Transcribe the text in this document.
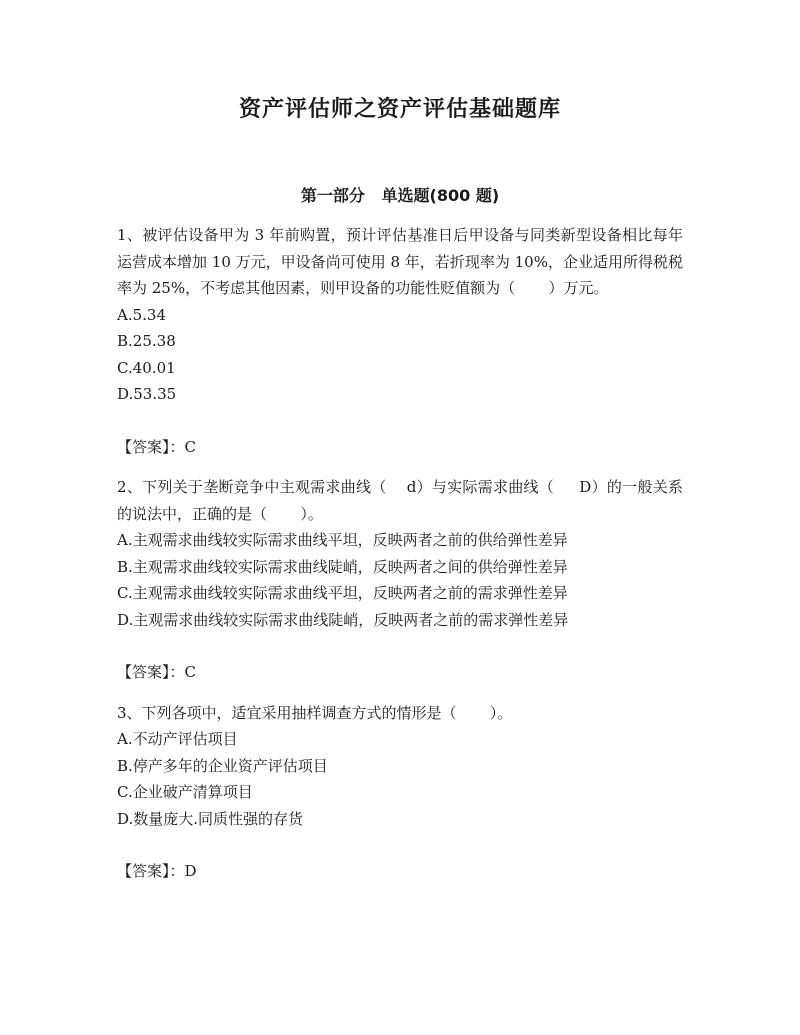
资产评估师之资产评估基础题库
第一部分   单选题(800 题)

1、被评估设备甲为 3 年前购置，预计评估基准日后甲设备与同类新型设备相比每年运营成本增加 10 万元，甲设备尚可使用 8 年，若折现率为 10%，企业适用所得税税率为 25%，不考虑其他因素，则甲设备的功能性贬值额为（       ）万元。

A.5.34

B.25.38

C.40.01

D.53.35

【答案】：C

2、下列关于垄断竞争中主观需求曲线（    d）与实际需求曲线（     D）的一般关系的说法中，正确的是（       ）。

A.主观需求曲线较实际需求曲线平坦，反映两者之前的供给弹性差异

B.主观需求曲线较实际需求曲线陡峭，反映两者之间的供给弹性差异

C.主观需求曲线较实际需求曲线平坦，反映两者之前的需求弹性差异

D.主观需求曲线较实际需求曲线陡峭，反映两者之前的需求弹性差异

【答案】：C

3、下列各项中，适宜采用抽样调查方式的情形是（       ）。

A.不动产评估项目

B.停产多年的企业资产评估项目

C.企业破产清算项目

D.数量庞大.同质性强的存货

【答案】：D
